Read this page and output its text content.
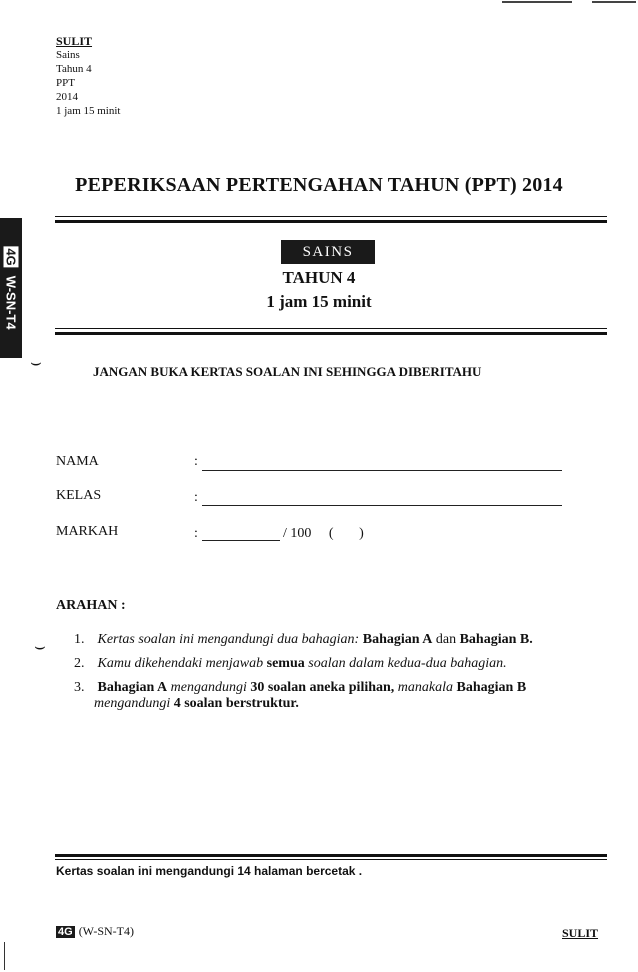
SULIT
Sains
Tahun 4
PPT
2014
1 jam 15 minit
PEPERIKSAAN PERTENGAHAN TAHUN (PPT) 2014
SAINS
TAHUN 4
1 jam 15 minit
4GW-SN-T4
⌣
⌣
JANGAN BUKA KERTAS SOALAN INI SEHINGGA DIBERITAHU
NAMA	:
KELAS	:
MARKAH	:	/ 100 ( )
ARAHAN :
1. Kertas soalan ini mengandungi dua bahagian: Bahagian A dan Bahagian B.
2. Kamu dikehendaki menjawab semua soalan dalam kedua-dua bahagian.
3. Bahagian A mengandungi 30 soalan aneka pilihan, manakala Bahagian B
mengandungi 4 soalan berstruktur.
Kertas soalan ini mengandungi 14 halaman bercetak .
4G (W-SN-T4)	SULIT
